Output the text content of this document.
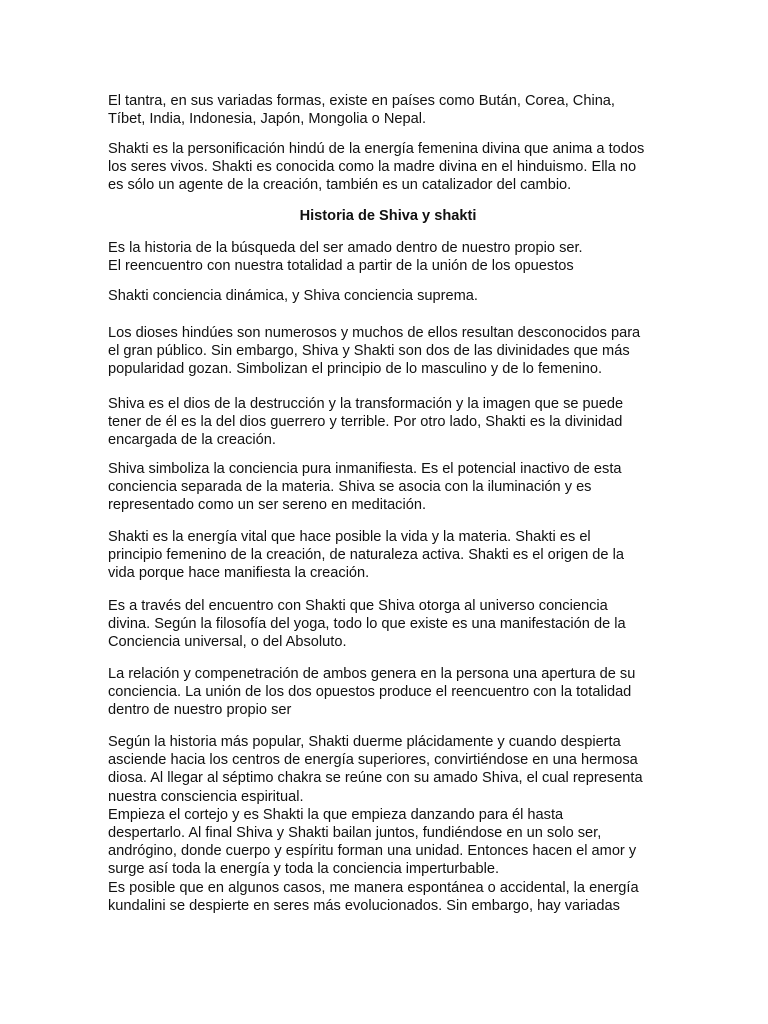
El tantra, en sus variadas formas, existe en países como Bután, Corea, China,
Tíbet, India, Indonesia, Japón, Mongolia o Nepal.
Shakti es la personificación hindú de la energía femenina divina que anima a todos
los seres vivos. Shakti es conocida como la madre divina en el hinduismo. Ella no
es sólo un agente de la creación, también es un catalizador del cambio.
Historia de Shiva y shakti
Es la historia de la búsqueda del ser amado dentro de nuestro propio ser.
El reencuentro con nuestra totalidad a partir de la unión de los opuestos
Shakti conciencia dinámica, y Shiva conciencia suprema.
Los dioses hindúes son numerosos y muchos de ellos resultan desconocidos para
el gran público. Sin embargo, Shiva y Shakti son dos de las divinidades que más
popularidad gozan. Simbolizan el principio de lo masculino y de lo femenino.
Shiva es el dios de la destrucción y la transformación y la imagen que se puede
tener de él es la del dios guerrero y terrible. Por otro lado, Shakti es la divinidad
encargada de la creación.
Shiva simboliza la conciencia pura inmanifiesta. Es el potencial inactivo de esta
conciencia separada de la materia. Shiva se asocia con la iluminación y es
representado como un ser sereno en meditación.
Shakti es la energía vital que hace posible la vida y la materia. Shakti es el
principio femenino de la creación, de naturaleza activa. Shakti es el origen de la
vida porque hace manifiesta la creación.
Es a través del encuentro con Shakti que Shiva otorga al universo conciencia
divina. Según la filosofía del yoga, todo lo que existe es una manifestación de la
Conciencia universal, o del Absoluto.
La relación y compenetración de ambos genera en la persona una apertura de su
conciencia. La unión de los dos opuestos produce el reencuentro con la totalidad
dentro de nuestro propio ser
Según la historia más popular, Shakti duerme plácidamente y cuando despierta
asciende hacia los centros de energía superiores, convirtiéndose en una hermosa
diosa. Al llegar al séptimo chakra se reúne con su amado Shiva, el cual representa
nuestra consciencia espiritual.
Empieza el cortejo y es Shakti la que empieza danzando para él hasta
despertarlo. Al final Shiva y Shakti bailan juntos, fundiéndose en un solo ser,
andrógino, donde cuerpo y espíritu forman una unidad. Entonces hacen el amor y
surge así toda la energía y toda la conciencia imperturbable.
Es posible que en algunos casos, me manera espontánea o accidental, la energía
kundalini se despierte en seres más evolucionados. Sin embargo, hay variadas
